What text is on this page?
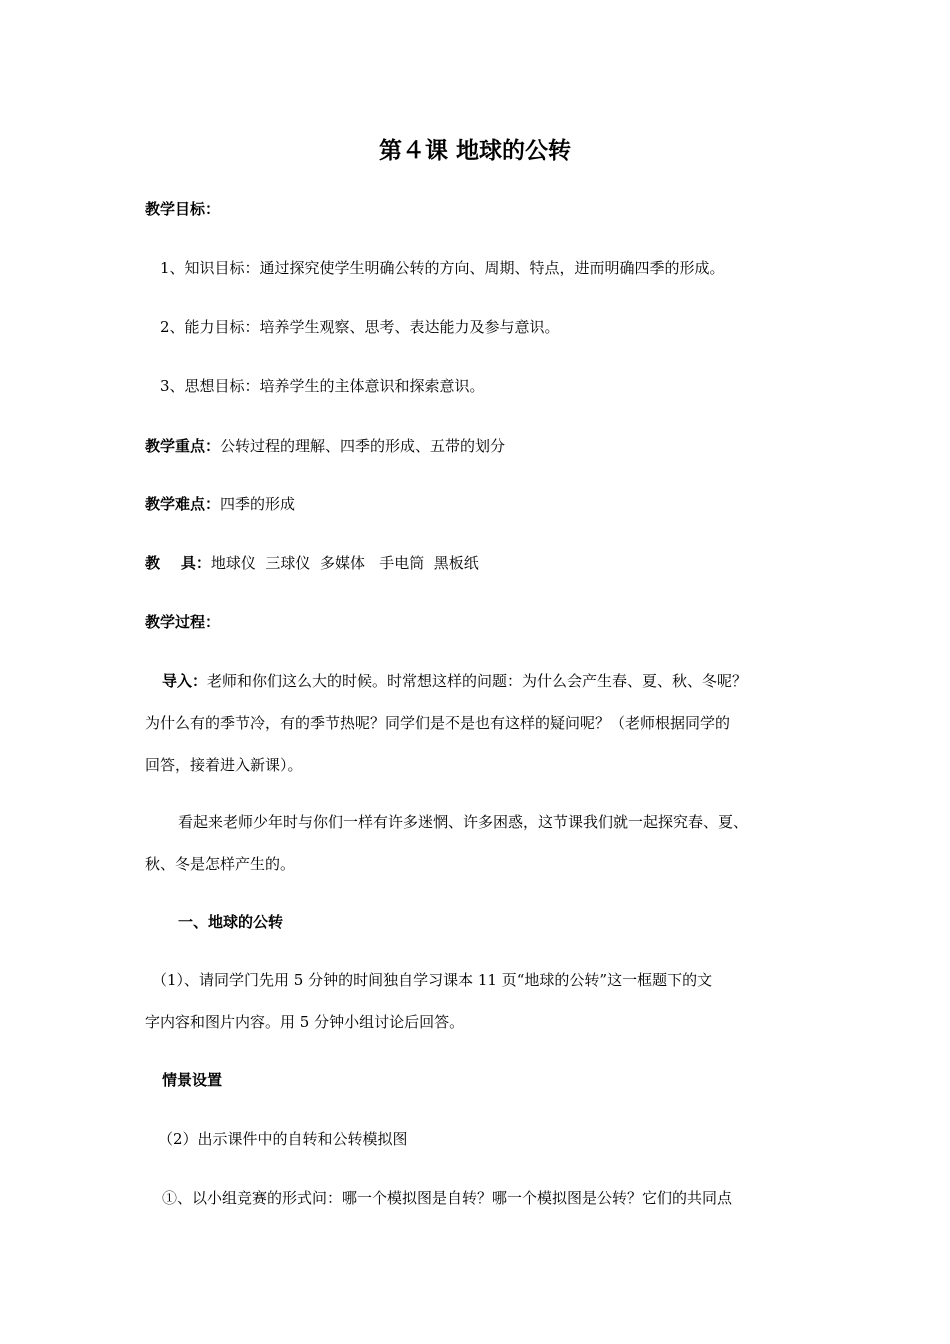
第４课 地球的公转
教学目标：
1、知识目标：通过探究使学生明确公转的方向、周期、特点，进而明确四季的形成。
2、能力目标：培养学生观察、思考、表达能力及参与意识。
3、思想目标：培养学生的主体意识和探索意识。
教学重点：公转过程的理解、四季的形成、五带的划分
教学难点：四季的形成
教    具：地球仪  三球仪  多媒体   手电筒  黑板纸
教学过程：
导入：老师和你们这么大的时候。时常想这样的问题：为什么会产生春、夏、秋、冬呢？
为什么有的季节冷，有的季节热呢？同学们是不是也有这样的疑问呢？（老师根据同学的
回答，接着进入新课）。
看起来老师少年时与你们一样有许多迷惘、许多困惑，这节课我们就一起探究春、夏、
秋、冬是怎样产生的。
一、地球的公转
（1）、请同学门先用 5 分钟的时间独自学习课本 11 页“地球的公转”这一框题下的文
字内容和图片内容。用 5 分钟小组讨论后回答。
情景设置
（2）出示课件中的自转和公转模拟图
①、以小组竞赛的形式问：哪一个模拟图是自转？哪一个模拟图是公转？它们的共同点
